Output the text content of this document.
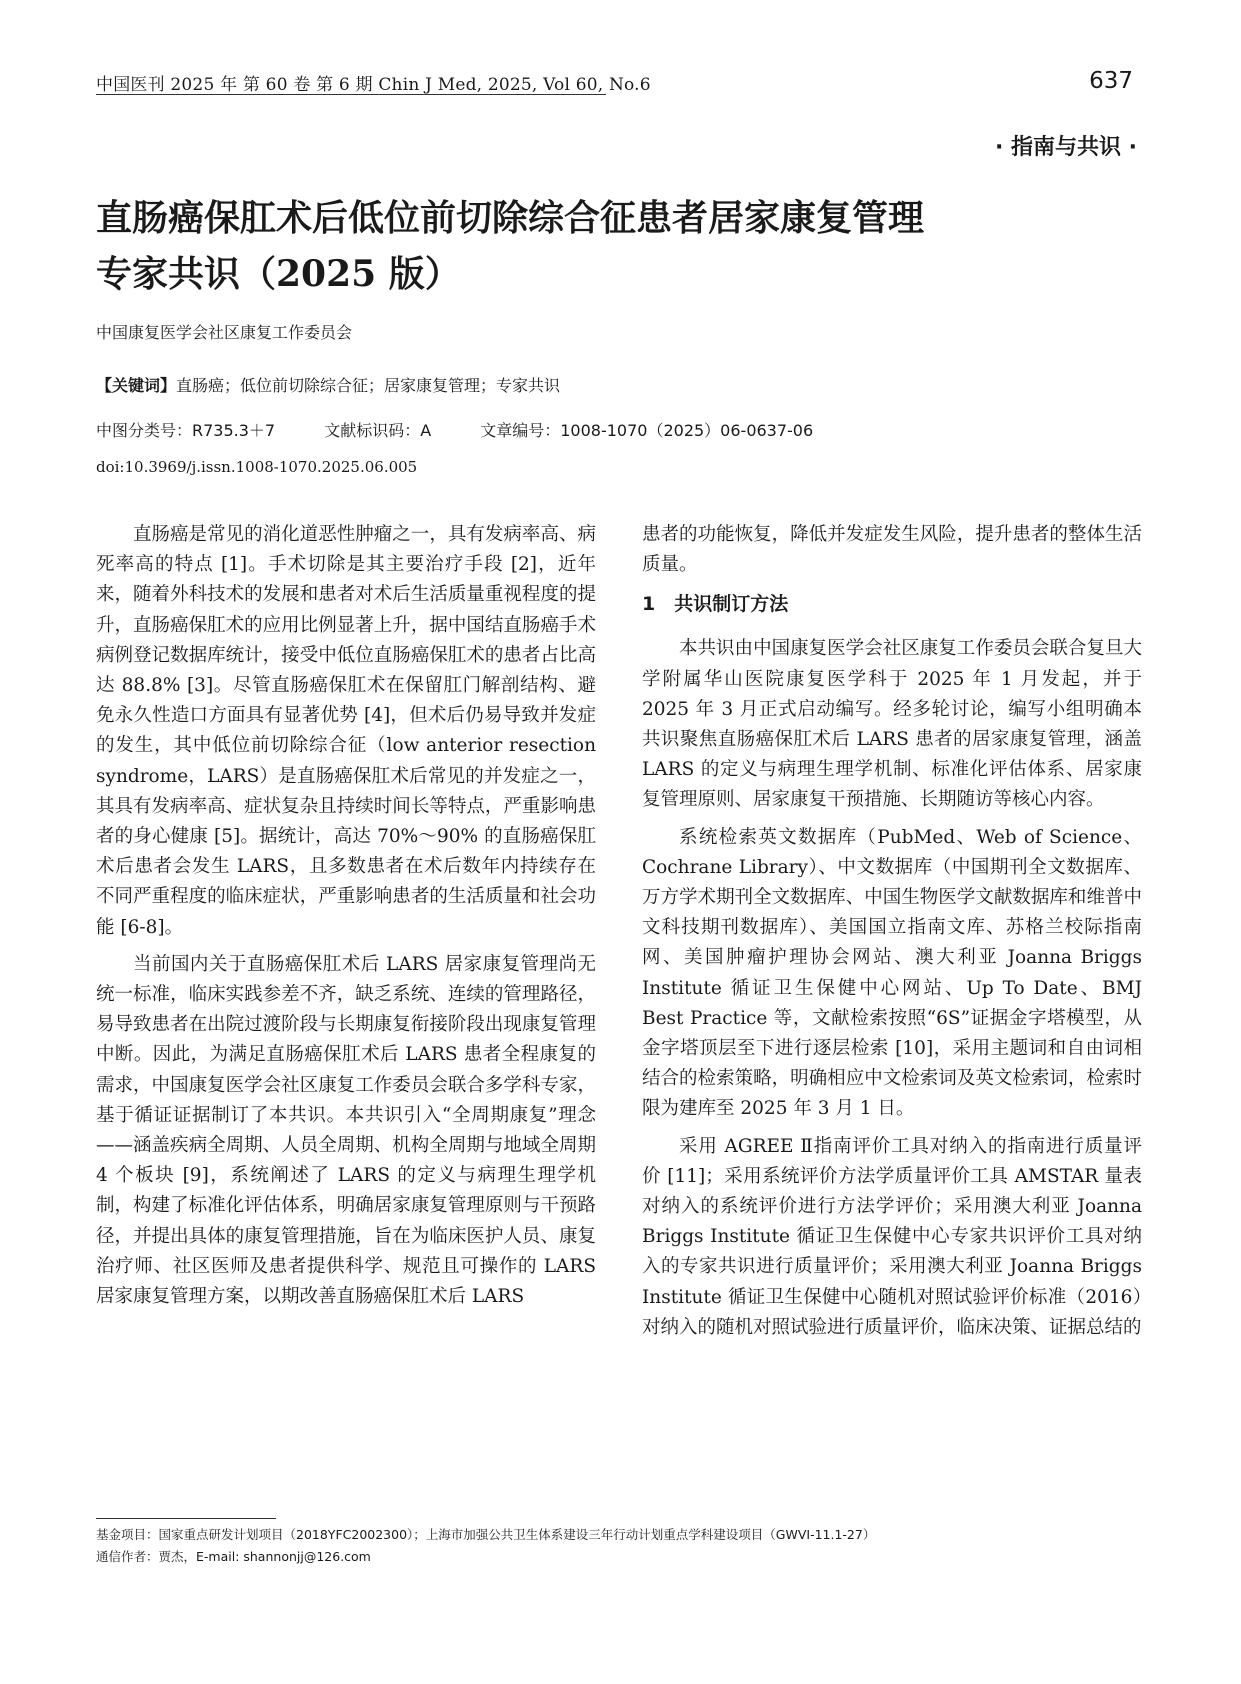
中国医刊 2025 年 第 60 卷 第 6 期 Chin J Med, 2025, Vol 60, No.6	637
· 指南与共识 ·
直肠癌保肛术后低位前切除综合征患者居家康复管理
专家共识（2025 版）
中国康复医学会社区康复工作委员会
【关键词】直肠癌；低位前切除综合征；居家康复管理；专家共识
中图分类号：R735.3＋7	文献标识码：A	文章编号：1008-1070（2025）06-0637-06
doi:10.3969/j.issn.1008-1070.2025.06.005

直肠癌是常见的消化道恶性肿瘤之一，具有发病率高、病死率高的特点 [1]。手术切除是其主要治疗手段 [2]，近年来，随着外科技术的发展和患者对术后生活质量重视程度的提升，直肠癌保肛术的应用比例显著上升，据中国结直肠癌手术病例登记数据库统计，接受中低位直肠癌保肛术的患者占比高达 88.8% [3]。尽管直肠癌保肛术在保留肛门解剖结构、避免永久性造口方面具有显著优势 [4]，但术后仍易导致并发症的发生，其中低位前切除综合征（low anterior resection syndrome，LARS）是直肠癌保肛术后常见的并发症之一，其具有发病率高、症状复杂且持续时间长等特点，严重影响患者的身心健康 [5]。据统计，高达 70%～90% 的直肠癌保肛术后患者会发生 LARS，且多数患者在术后数年内持续存在不同严重程度的临床症状，严重影响患者的生活质量和社会功能 [6-8]。

当前国内关于直肠癌保肛术后 LARS 居家康复管理尚无统一标准，临床实践参差不齐，缺乏系统、连续的管理路径，易导致患者在出院过渡阶段与长期康复衔接阶段出现康复管理中断。因此，为满足直肠癌保肛术后 LARS 患者全程康复的需求，中国康复医学会社区康复工作委员会联合多学科专家，基于循证证据制订了本共识。本共识引入“全周期康复”理念——涵盖疾病全周期、人员全周期、机构全周期与地域全周期 4 个板块 [9]，系统阐述了 LARS 的定义与病理生理学机制，构建了标准化评估体系，明确居家康复管理原则与干预路径，并提出具体的康复管理措施，旨在为临床医护人员、康复治疗师、社区医师及患者提供科学、规范且可操作的 LARS 居家康复管理方案，以期改善直肠癌保肛术后 LARS

患者的功能恢复，降低并发症发生风险，提升患者的整体生活质量。

1　共识制订方法

本共识由中国康复医学会社区康复工作委员会联合复旦大学附属华山医院康复医学科于 2025 年 1 月发起，并于 2025 年 3 月正式启动编写。经多轮讨论，编写小组明确本共识聚焦直肠癌保肛术后 LARS 患者的居家康复管理，涵盖 LARS 的定义与病理生理学机制、标准化评估体系、居家康复管理原则、居家康复干预措施、长期随访等核心内容。

系统检索英文数据库（PubMed、Web of Science、Cochrane Library）、中文数据库（中国期刊全文数据库、万方学术期刊全文数据库、中国生物医学文献数据库和维普中文科技期刊数据库）、美国国立指南文库、苏格兰校际指南网、美国肿瘤护理协会网站、澳大利亚 Joanna Briggs Institute 循证卫生保健中心网站、Up To Date、BMJ Best Practice 等，文献检索按照“6S”证据金字塔模型，从金字塔顶层至下进行逐层检索 [10]，采用主题词和自由词相结合的检索策略，明确相应中文检索词及英文检索词，检索时限为建库至 2025 年 3 月 1 日。

采用 AGREE Ⅱ指南评价工具对纳入的指南进行质量评价 [11]；采用系统评价方法学质量评价工具 AMSTAR 量表对纳入的系统评价进行方法学评价；采用澳大利亚 Joanna Briggs Institute 循证卫生保健中心专家共识评价工具对纳入的专家共识进行质量评价；采用澳大利亚 Joanna Briggs Institute 循证卫生保健中心随机对照试验评价标准（2016）对纳入的随机对照试验进行质量评价，临床决策、证据总结的

基金项目：国家重点研发计划项目（2018YFC2002300）；上海市加强公共卫生体系建设三年行动计划重点学科建设项目（GWVI-11.1-27）
通信作者：贾杰，E-mail: shannonjj@126.com
